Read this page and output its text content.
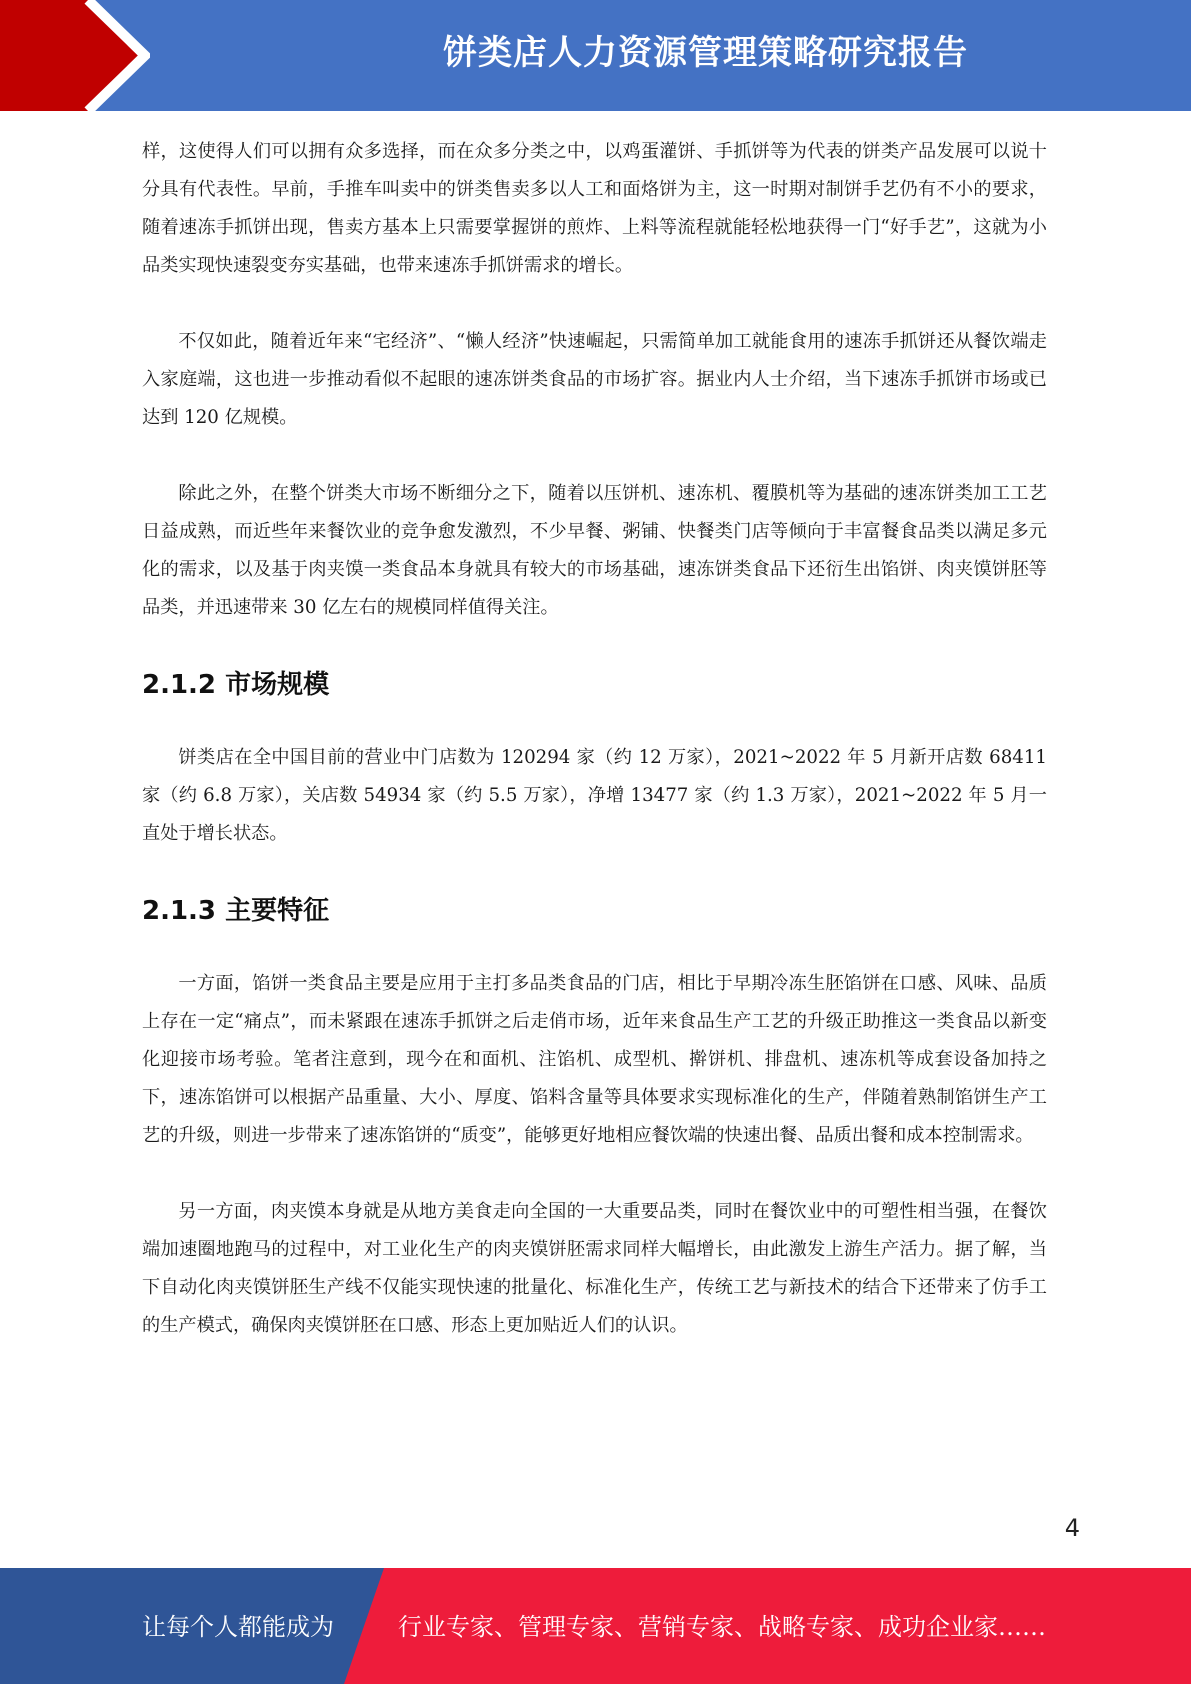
饼类店人力资源管理策略研究报告

样，这使得人们可以拥有众多选择，而在众多分类之中，以鸡蛋灌饼、手抓饼等为代表的饼类产品发展可以说十分具有代表性。早前，手推车叫卖中的饼类售卖多以人工和面烙饼为主，这一时期对制饼手艺仍有不小的要求，随着速冻手抓饼出现，售卖方基本上只需要掌握饼的煎炸、上料等流程就能轻松地获得一门“好手艺”，这就为小品类实现快速裂变夯实基础，也带来速冻手抓饼需求的增长。

不仅如此，随着近年来“宅经济”、“懒人经济”快速崛起，只需简单加工就能食用的速冻手抓饼还从餐饮端走入家庭端，这也进一步推动看似不起眼的速冻饼类食品的市场扩容。据业内人士介绍，当下速冻手抓饼市场或已达到 120 亿规模。

除此之外，在整个饼类大市场不断细分之下，随着以压饼机、速冻机、覆膜机等为基础的速冻饼类加工工艺日益成熟，而近些年来餐饮业的竞争愈发激烈，不少早餐、粥铺、快餐类门店等倾向于丰富餐食品类以满足多元化的需求，以及基于肉夹馍一类食品本身就具有较大的市场基础，速冻饼类食品下还衍生出馅饼、肉夹馍饼胚等品类，并迅速带来 30 亿左右的规模同样值得关注。

2.1.2 市场规模

饼类店在全中国目前的营业中门店数为 120294 家（约 12 万家），2021~2022 年 5 月新开店数 68411 家（约 6.8 万家），关店数 54934 家（约 5.5 万家），净增 13477 家（约 1.3 万家），2021~2022 年 5 月一直处于增长状态。

2.1.3 主要特征

一方面，馅饼一类食品主要是应用于主打多品类食品的门店，相比于早期冷冻生胚馅饼在口感、风味、品质上存在一定“痛点”，而未紧跟在速冻手抓饼之后走俏市场，近年来食品生产工艺的升级正助推这一类食品以新变化迎接市场考验。笔者注意到，现今在和面机、注馅机、成型机、擀饼机、排盘机、速冻机等成套设备加持之下，速冻馅饼可以根据产品重量、大小、厚度、馅料含量等具体要求实现标准化的生产，伴随着熟制馅饼生产工艺的升级，则进一步带来了速冻馅饼的“质变”，能够更好地相应餐饮端的快速出餐、品质出餐和成本控制需求。

另一方面，肉夹馍本身就是从地方美食走向全国的一大重要品类，同时在餐饮业中的可塑性相当强，在餐饮端加速圈地跑马的过程中，对工业化生产的肉夹馍饼胚需求同样大幅增长，由此激发上游生产活力。据了解，当下自动化肉夹馍饼胚生产线不仅能实现快速的批量化、标准化生产，传统工艺与新技术的结合下还带来了仿手工的生产模式，确保肉夹馍饼胚在口感、形态上更加贴近人们的认识。

4
让每个人都能成为	行业专家、管理专家、营销专家、战略专家、成功企业家……
